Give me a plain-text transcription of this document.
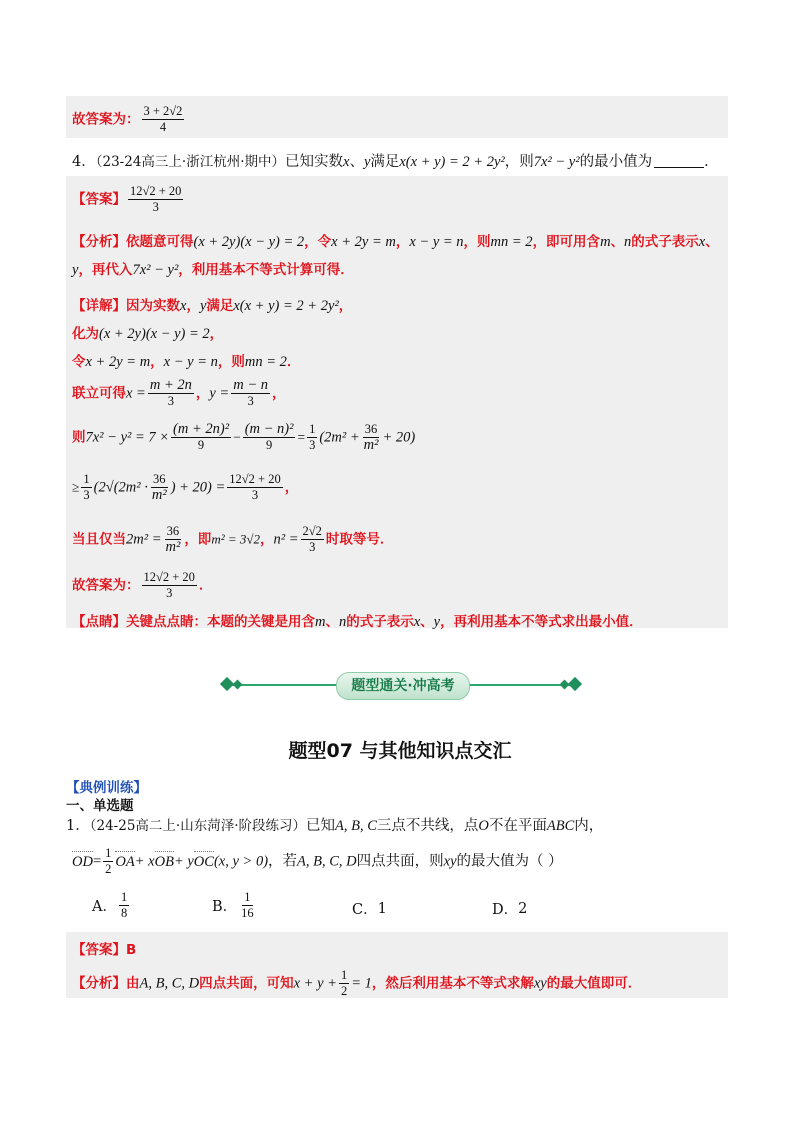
故答案为： $\frac{3 + 2√2}{4}$
4．（23-24高三上·浙江杭州·期中）已知实数x、y满足x(x + y) = 2 + 2y²，则7x² − y²的最小值为	．
【答案】 $\frac{12√2 + 20}{3}$
【分析】依题意可得(x + 2y)(x − y) = 2，令x + 2y = m，x − y = n，则mn = 2，即可用含m、n的式子表示x、
y，再代入7x² − y²，利用基本不等式计算可得．
【详解】因为实数x，y满足x(x + y) = 2 + 2y²，
化为(x + 2y)(x − y) = 2，
令x + 2y = m，x − y = n，则mn = 2．
联立可得$x = \frac{m + 2n}{3}$ ，$y = \frac{m - n}{3}$ ，
则$7x^2 - y^2 = 7 \times \frac{\text{(m + 2n)²}}{9} - \frac{\text{(m − n)²}}{9} = \frac{1}{3} (2m^2 + \frac{36}{\text{m²}} + 20)$
≥ $\frac{1}{3} (2√(2m^2 \cdot \frac{36}{\text{m²}}$ ) + $20) = \frac{12√2 + 20}{3}$ ，
当且仅当$2m^2 = \frac{36}{\text{m²}}$ ，即m² = 3√2，$n^2 = \frac{2√2}{3}$ 时取等号．
故答案为： $\frac{12√2 + 20}{3}$ ．
【点睛】关键点点睛：本题的关键是用含m、n的式子表示x、y，再利用基本不等式求出最小值．
题型通关·冲高考
题型07 与其他知识点交汇
【典例训练】
一、单选题
1．（24-25高二上·山东菏泽·阶段练习）已知A, B, C三点不共线，点O不在平面ABC内，
$OD= \frac{1}{2} OA+ xOB+ yOC(x$, y > 0)，若A, B, C, D四点共面，则xy的最大值为（ ）
A． $\frac{1}{8}$	B． $\frac{1}{16}$	C． 1	D． 2
【答案】B
【分析】由A, B, C, D四点共面，可知$x + y + \frac{1}{2} = 1$，然后利用基本不等式求解xy的最大值即可．
